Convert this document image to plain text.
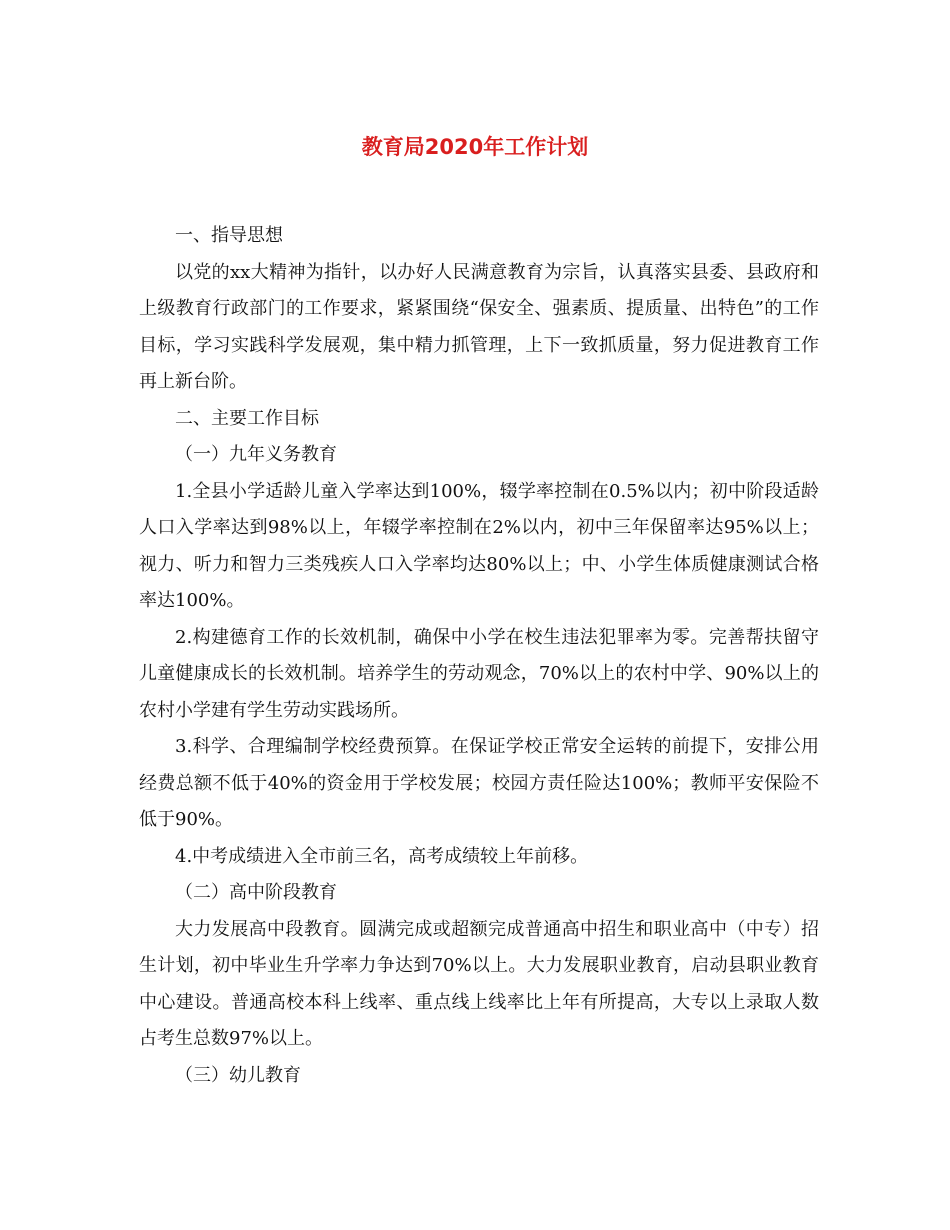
教育局2020年工作计划

一、指导思想

以党的xx大精神为指针，以办好人民满意教育为宗旨，认真落实县委、县政府和上级教育行政部门的工作要求，紧紧围绕“保安全、强素质、提质量、出特色”的工作目标，学习实践科学发展观，集中精力抓管理，上下一致抓质量，努力促进教育工作再上新台阶。

二、主要工作目标

（一）九年义务教育

1.全县小学适龄儿童入学率达到100%，辍学率控制在0.5%以内；初中阶段适龄人口入学率达到98%以上，年辍学率控制在2%以内，初中三年保留率达95%以上；视力、听力和智力三类残疾人口入学率均达80%以上；中、小学生体质健康测试合格率达100%。

2.构建德育工作的长效机制，确保中小学在校生违法犯罪率为零。完善帮扶留守儿童健康成长的长效机制。培养学生的劳动观念，70%以上的农村中学、90%以上的农村小学建有学生劳动实践场所。

3.科学、合理编制学校经费预算。在保证学校正常安全运转的前提下，安排公用经费总额不低于40%的资金用于学校发展；校园方责任险达100%；教师平安保险不低于90%。

4.中考成绩进入全市前三名，高考成绩较上年前移。

（二）高中阶段教育

大力发展高中段教育。圆满完成或超额完成普通高中招生和职业高中（中专）招生计划，初中毕业生升学率力争达到70%以上。大力发展职业教育，启动县职业教育中心建设。普通高校本科上线率、重点线上线率比上年有所提高，大专以上录取人数占考生总数97%以上。

（三）幼儿教育
